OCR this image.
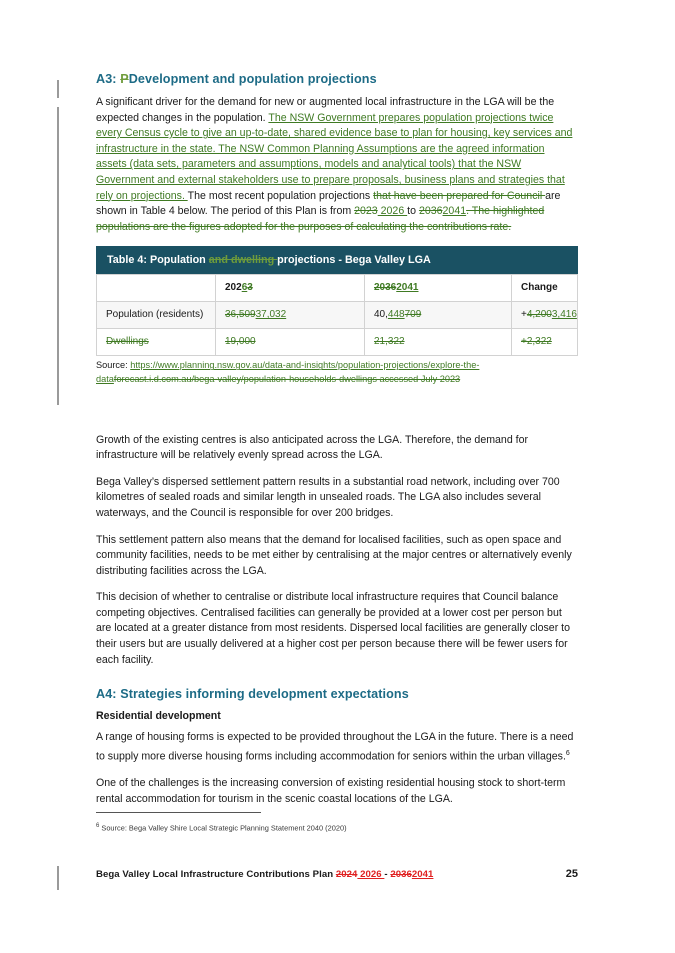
A3: PDevelopment and population projections

A significant driver for the demand for new or augmented local infrastructure in the LGA will be the expected changes in the population. The NSW Government prepares population projections twice every Census cycle to give an up-to-date, shared evidence base to plan for housing, key services and infrastructure in the state. The NSW Common Planning Assumptions are the agreed information assets (data sets, parameters and assumptions, models and analytical tools) that the NSW Government and external stakeholders use to prepare proposals, business plans and strategies that rely on projections. The most recent population projections that have been prepared for Council are shown in Table 4 below. The period of this Plan is from 2023 2026 to 20362041. The highlighted populations are the figures adopted for the purposes of calculating the contributions rate.

Table 4: Population and dwelling projections - Bega Valley LGA
	20263	20362041	Change
Population (residents)	36,50937,032	40,448709	+4,2003,416
Dwellings	19,000	21,322	+2,322

Source: https://www.planning.nsw.gov.au/data-and-insights/population-projections/explore-the-dataforecast.i.d.com.au/bega-valley/population-households-dwellings accessed July 2023

Growth of the existing centres is also anticipated across the LGA. Therefore, the demand for infrastructure will be relatively evenly spread across the LGA.

Bega Valley’s dispersed settlement pattern results in a substantial road network, including over 700 kilometres of sealed roads and similar length in unsealed roads. The LGA also includes several waterways, and the Council is responsible for over 200 bridges.

This settlement pattern also means that the demand for localised facilities, such as open space and community facilities, needs to be met either by centralising at the major centres or alternatively evenly distributing facilities across the LGA.

This decision of whether to centralise or distribute local infrastructure requires that Council balance competing objectives. Centralised facilities can generally be provided at a lower cost per person but are located at a greater distance from most residents. Dispersed local facilities are generally closer to their users but are usually delivered at a higher cost per person because there will be fewer users for each facility.

A4: Strategies informing development expectations
Residential development

A range of housing forms is expected to be provided throughout the LGA in the future. There is a need to supply more diverse housing forms including accommodation for seniors within the urban villages.$^6$

One of the challenges is the increasing conversion of existing residential housing stock to short-term rental accommodation for tourism in the scenic coastal locations of the LGA.

$^6$ Source: Bega Valley Shire Local Strategic Planning Statement 2040 (2020)
Bega Valley Local Infrastructure Contributions Plan 2024 2026 - 20362041	25
